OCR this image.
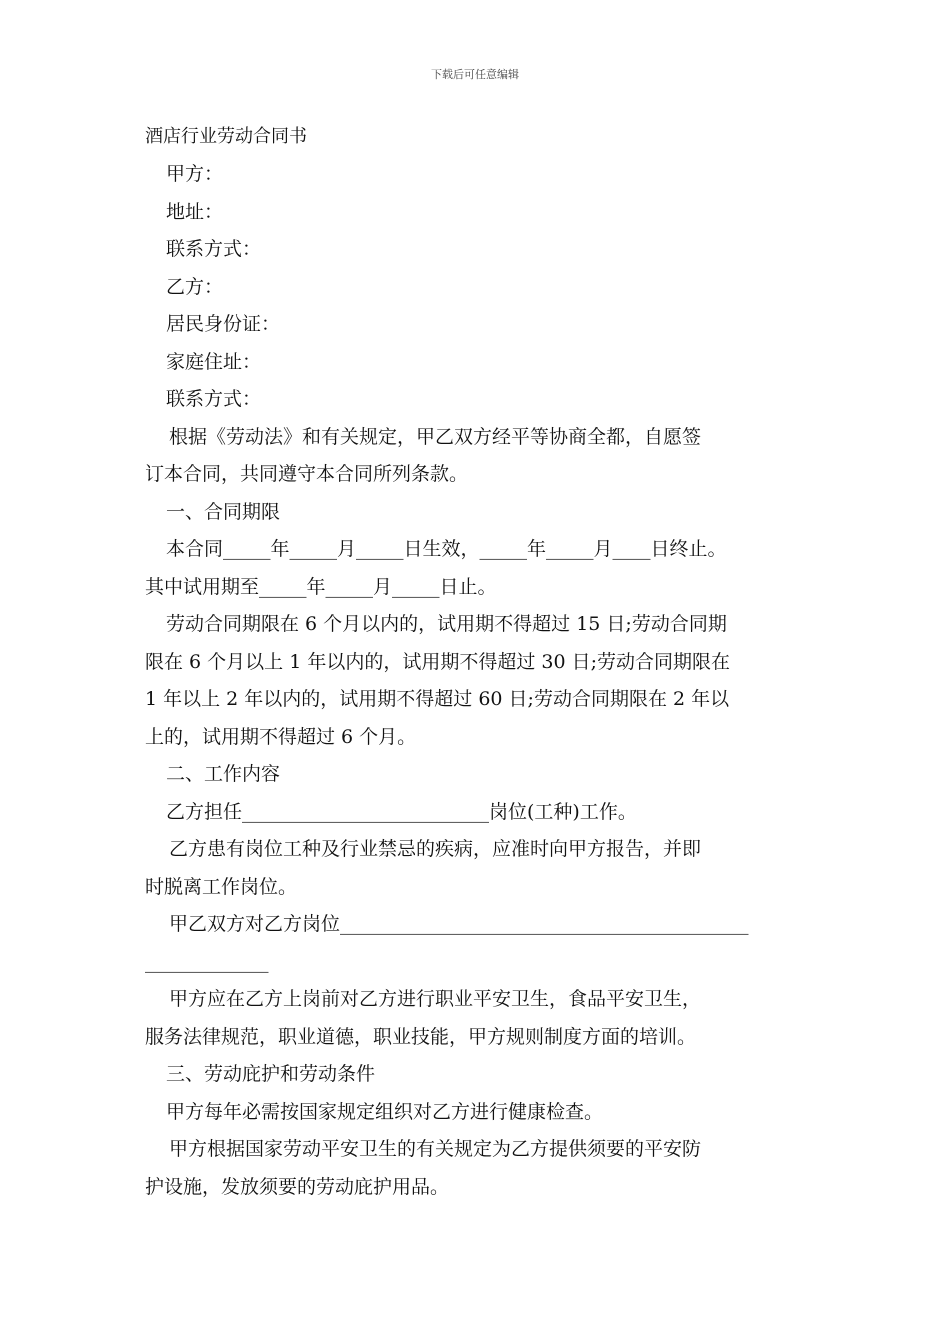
下载后可任意编辑
酒店行业劳动合同书
甲方：
地址：
联系方式：
乙方：
居民身份证：
家庭住址：
联系方式：
根据《劳动法》和有关规定，甲乙双方经平等协商全都，自愿签
订本合同，共同遵守本合同所列条款。
一、合同期限
本合同_____年_____月_____日生效，_____年_____月____日终止。
其中试用期至_____年_____月_____日止。
劳动合同期限在 6 个月以内的，试用期不得超过 15 日;劳动合同期
限在 6 个月以上 1 年以内的，试用期不得超过 30 日;劳动合同期限在
1 年以上 2 年以内的，试用期不得超过 60 日;劳动合同期限在 2 年以
上的，试用期不得超过 6 个月。
二、工作内容
乙方担任__________________________岗位(工种)工作。
乙方患有岗位工种及行业禁忌的疾病，应准时向甲方报告，并即
时脱离工作岗位。
甲乙双方对乙方岗位___________________________________________
_____________
甲方应在乙方上岗前对乙方进行职业平安卫生，食品平安卫生，
服务法律规范，职业道德，职业技能，甲方规则制度方面的培训。
三、劳动庇护和劳动条件
甲方每年必需按国家规定组织对乙方进行健康检查。
甲方根据国家劳动平安卫生的有关规定为乙方提供须要的平安防
护设施，发放须要的劳动庇护用品。
